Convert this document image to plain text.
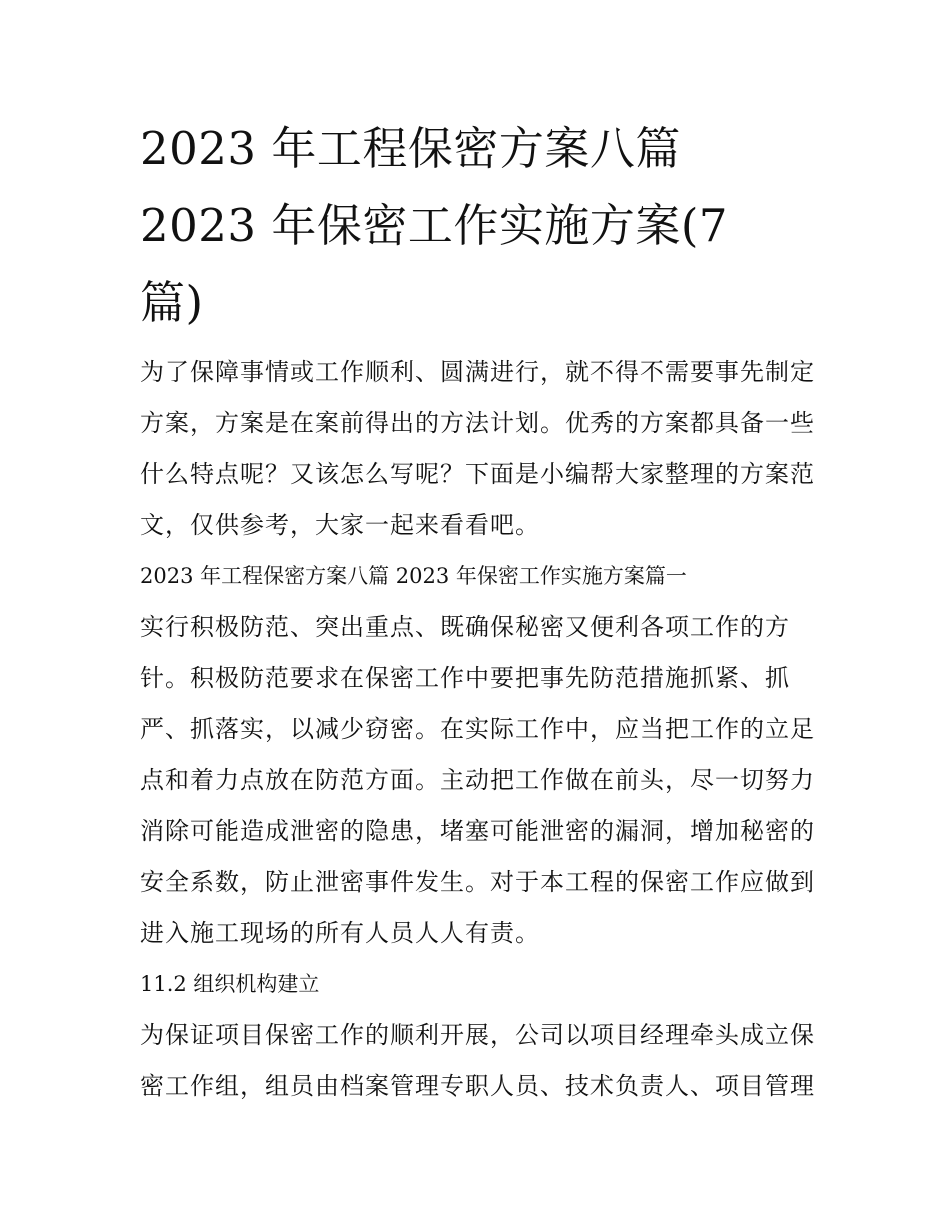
2023 年工程保密方案八篇
2023 年保密工作实施方案(7
篇)

为了保障事情或工作顺利、圆满进行，就不得不需要事先制定

方案，方案是在案前得出的方法计划。优秀的方案都具备一些

什么特点呢？又该怎么写呢？下面是小编帮大家整理的方案范

文，仅供参考，大家一起来看看吧。

2023 年工程保密方案八篇 2023 年保密工作实施方案篇一

实行积极防范、突出重点、既确保秘密又便利各项工作的方

针。积极防范要求在保密工作中要把事先防范措施抓紧、抓

严、抓落实，以减少窃密。在实际工作中，应当把工作的立足

点和着力点放在防范方面。主动把工作做在前头，尽一切努力

消除可能造成泄密的隐患，堵塞可能泄密的漏洞，增加秘密的

安全系数，防止泄密事件发生。对于本工程的保密工作应做到

进入施工现场的所有人员人人有责。

11.2 组织机构建立

为保证项目保密工作的顺利开展，公司以项目经理牵头成立保

密工作组，组员由档案管理专职人员、技术负责人、项目管理
